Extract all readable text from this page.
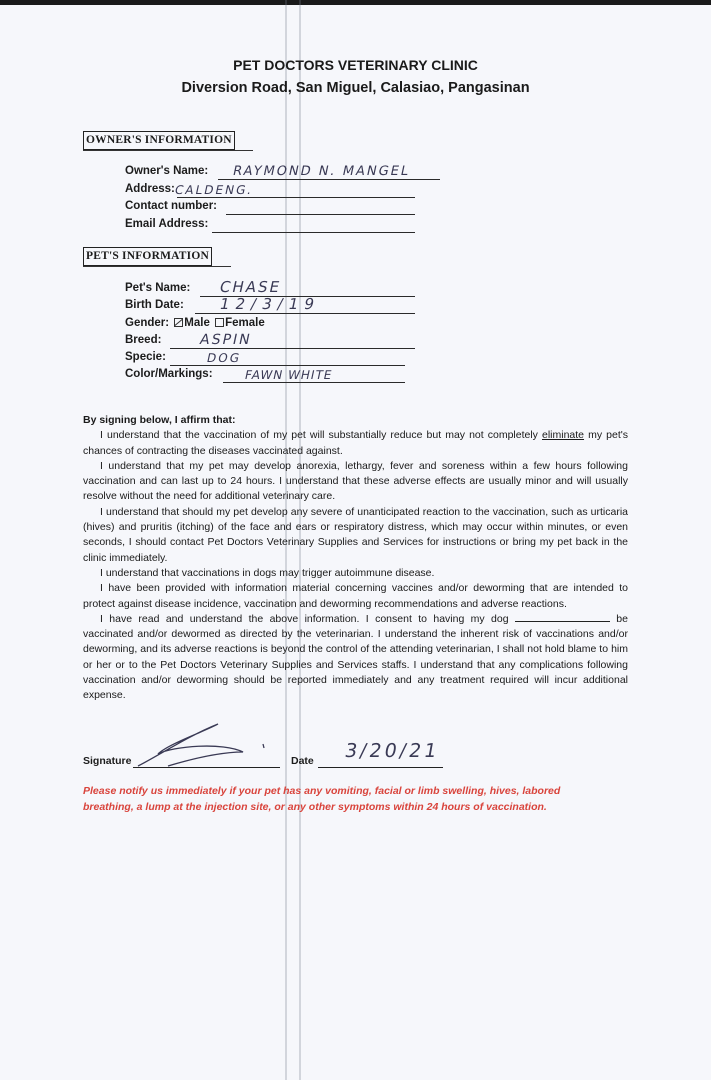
PET DOCTORS VETERINARY CLINIC
Diversion Road, San Miguel, Calasiao, Pangasinan
OWNER'S INFORMATION
Owner's Name: RAYMOND N. MANGEL
Address:
CALDENG.
Contact number:
Email Address:
PET'S INFORMATION
Pet's Name: CHASE
Birth Date: 12/3/19
Gender: Male Female
Breed:	ASPIN
Specie:	DOG
Color/Markings:	FAWN WHITE

By signing below, I affirm that:

I understand that the vaccination of my pet will substantially reduce but may not completely eliminate my pet's chances of contracting the diseases vaccinated against.

I understand that my pet may develop anorexia, lethargy, fever and soreness within a few hours following vaccination and can last up to 24 hours. I understand that these adverse effects are usually minor and will usually resolve without the need for additional veterinary care.

I understand that should my pet develop any severe of unanticipated reaction to the vaccination, such as urticaria (hives) and pruritis (itching) of the face and ears or respiratory distress, which may occur within minutes, or even seconds, I should contact Pet Doctors Veterinary Supplies and Services for instructions or bring my pet back in the clinic immediately.

I understand that vaccinations in dogs may trigger autoimmune disease.

I have been provided with information material concerning vaccines and/or deworming that are intended to protect against disease incidence, vaccination and deworming recommendations and adverse reactions.

I have read and understand the above information. I consent to having my dog	be vaccinated and/or dewormed as directed by the veterinarian. I understand the inherent risk of vaccinations and/or deworming, and its adverse reactions is beyond the control of the attending veterinarian, I shall not hold blame to him or her or to the Pet Doctors Veterinary Supplies and Services staffs. I understand that any complications following vaccination and/or deworming should be reported immediately and any treatment required will incur additional expense.

Signature	Date 3/20/21
Please notify us immediately if your pet has any vomiting, facial or limb swelling, hives, labored breathing, a lump at the injection site, or any other symptoms within 24 hours of vaccination.
